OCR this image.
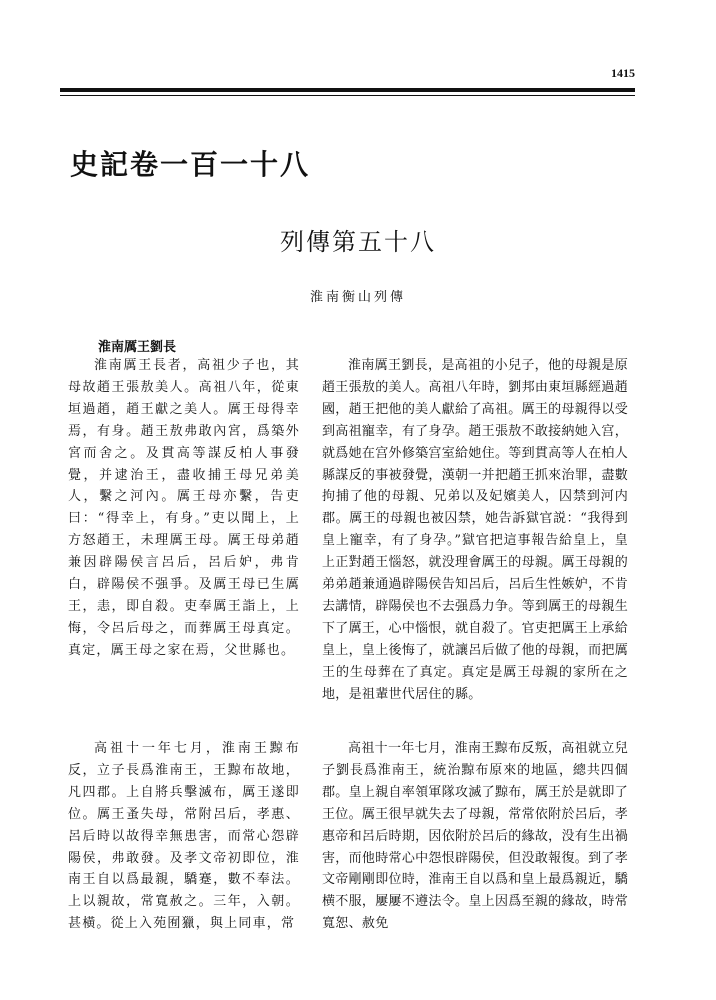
1415
史記卷一百一十八
列傳第五十八
淮南衡山列傳
淮南厲王劉長

淮南厲王長者，高祖少子也，其母故趙王張敖美人。高祖八年，從東垣過趙，趙王獻之美人。厲王母得幸焉，有身。趙王敖弗敢內宮，爲築外宮而舍之。及貫高等謀反柏人事發覺，并逮治王，盡收捕王母兄弟美人，繫之河內。厲王母亦繫，告吏曰：“得幸上，有身。”吏以聞上，上方怒趙王，未理厲王母。厲王母弟趙兼因辟陽侯言呂后，呂后妒，弗肯白，辟陽侯不强爭。及厲王母已生厲王，恚，即自殺。吏奉厲王詣上，上悔，令呂后母之，而葬厲王母真定。真定，厲王母之家在焉，父世縣也。

高祖十一年七月，淮南王黥布反，立子長爲淮南王，王黥布故地，凡四郡。上自將兵擊滅布，厲王遂即位。厲王蚤失母，常附呂后，孝惠、呂后時以故得幸無患害，而常心怨辟陽侯，弗敢發。及孝文帝初即位，淮南王自以爲最親，驕蹇，數不奉法。上以親故，常寬赦之。三年，入朝。甚橫。從上入苑囿獵，與上同車，常

淮南厲王劉長，是高祖的小兒子，他的母親是原趙王張敖的美人。高祖八年時，劉邦由東垣縣經過趙國，趙王把他的美人獻給了高祖。厲王的母親得以受到高祖寵幸，有了身孕。趙王張敖不敢接納她入宫，就爲她在宫外修築宫室給她住。等到貫高等人在柏人縣謀反的事被發覺，漢朝一并把趙王抓來治罪，盡數拘捕了他的母親、兄弟以及妃嬪美人，囚禁到河内郡。厲王的母親也被囚禁，她告訴獄官説：“我得到皇上寵幸，有了身孕。”獄官把這事報告給皇上，皇上正對趙王惱怒，就没理會厲王的母親。厲王母親的弟弟趙兼通過辟陽侯告知呂后，呂后生性嫉妒，不肯去講情，辟陽侯也不去强爲力争。等到厲王的母親生下了厲王，心中惱恨，就自殺了。官吏把厲王上承給皇上，皇上後悔了，就讓呂后做了他的母親，而把厲王的生母葬在了真定。真定是厲王母親的家所在之地，是祖輩世代居住的縣。

高祖十一年七月，淮南王黥布反叛，高祖就立兒子劉長爲淮南王，統治黥布原來的地區，總共四個郡。皇上親自率領軍隊攻滅了黥布，厲王於是就即了王位。厲王很早就失去了母親，常常依附於呂后，孝惠帝和呂后時期，因依附於呂后的緣故，没有生出禍害，而他時常心中怨恨辟陽侯，但没敢報復。到了孝文帝剛剛即位時，淮南王自以爲和皇上最爲親近，驕横不服，屢屢不遵法令。皇上因爲至親的緣故，時常寬恕、赦免
